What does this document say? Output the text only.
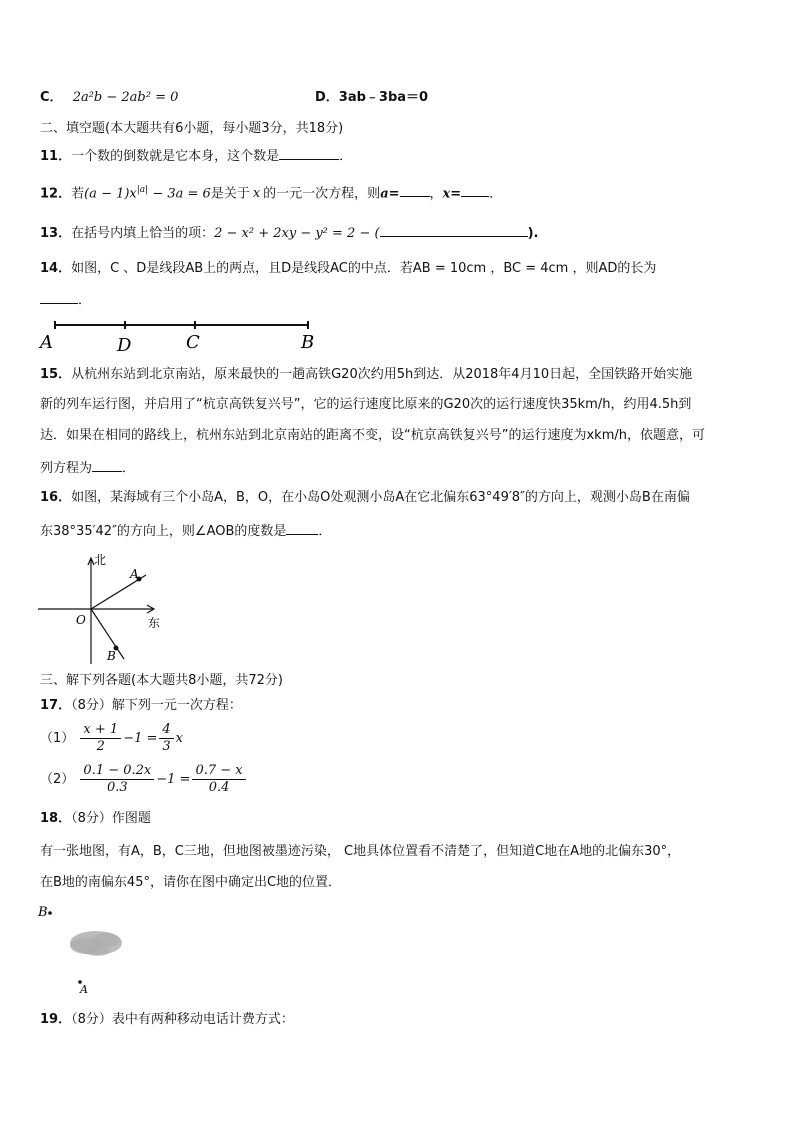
C． 2a²b − 2ab² = 0	D．3ab﹣3ba＝0
二、填空题(本大题共有6小题，每小题3分，共18分)
11．一个数的倒数就是它本身，这个数是	．
12．若$(a - 1)x^{|a|} - 3a = 6$是关于 x 的一元一次方程，则a= ，x= ．
13．在括号内填上恰当的项：2 − x² + 2xy − y² = 2 − (	).
14．如图，C 、D是线段AB上的两点，且D是线段AC的中点．若AB = 10cm ，BC = 4cm ，则AD的长为
．
A	D	C	B
15．从杭州东站到北京南站，原来最快的一趟高铁G20次约用5h到达．从2018年4月10日起，全国铁路开始实施
新的列车运行图，并启用了“杭京高铁复兴号”，它的运行速度比原来的G20次的运行速度快35km/h，约用4.5h到
达．如果在相同的路线上，杭州东站到北京南站的距离不变，设“杭京高铁复兴号”的运行速度为xkm/h，依题意，可
列方程为 ．
16．如图，某海域有三个小岛A，B，O，在小岛O处观测小岛A在它北偏东63°49′8″的方向上，观测小岛B在南偏
东38°35′42″的方向上，则∠AOB的度数是 ．
北
东
O
A
B
三、解下列各题(本大题共8小题，共72分)
17．（8分）解下列一元一次方程：
$(1) \frac{x + 1}{2} -1 = \frac{4}{3}$ x
$(2) \frac{0.1 - 0.2x}{0.3} -1 = \frac{0.7 - x}{0.4}$
18．（8分）作图题
有一张地图，有A，B，C三地，但地图被墨迹污染， C地具体位置看不清楚了，但知道C地在A地的北偏东30°，
在B地的南偏东45°，请你在图中确定出C地的位置．
B
A
19．（8分）表中有两种移动电话计费方式：
